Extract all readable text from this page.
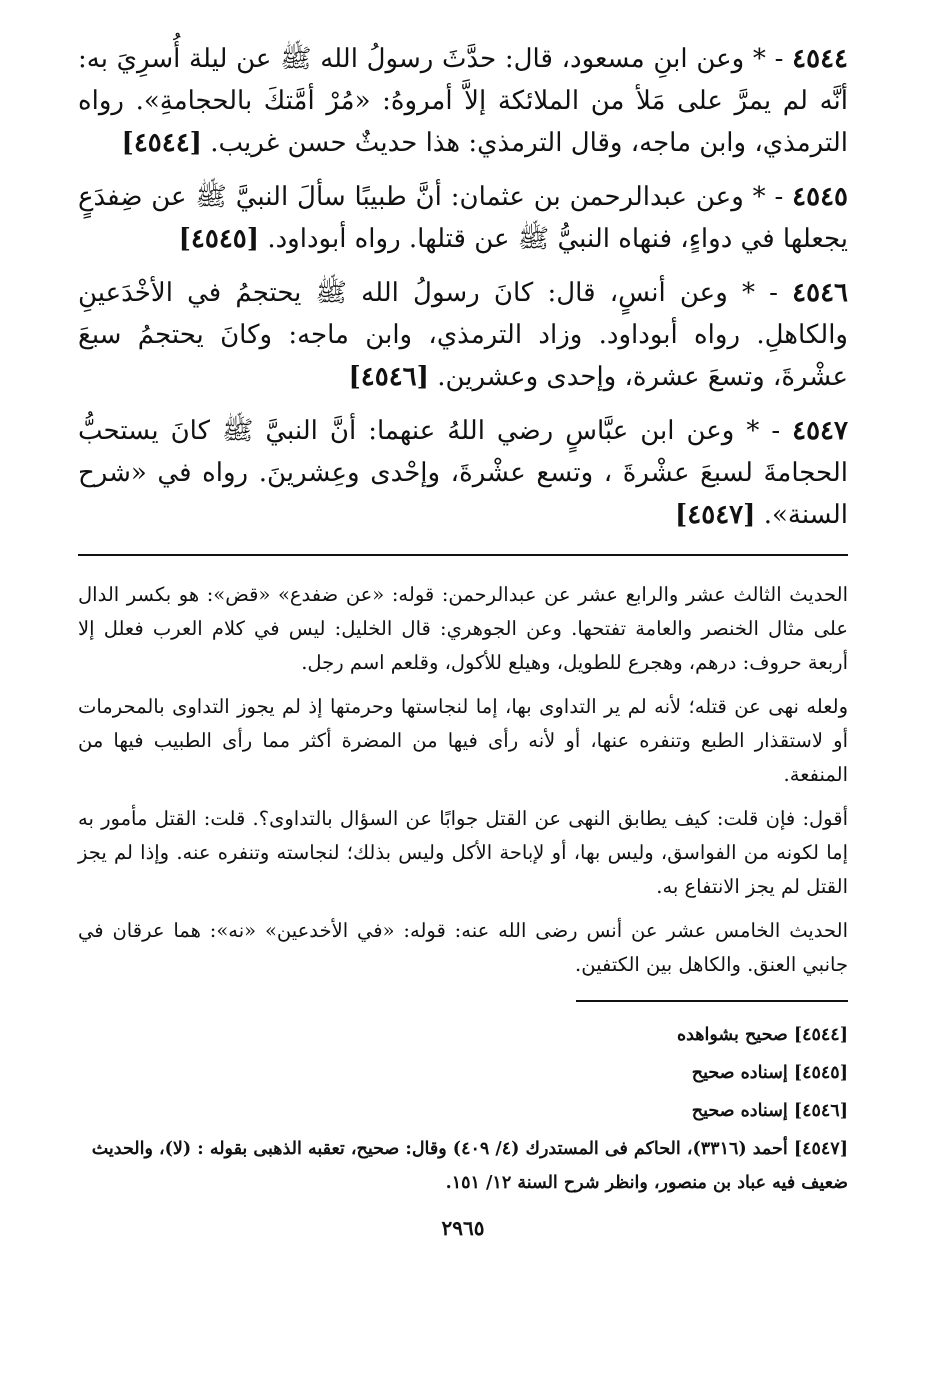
٤٥٤٤ - * وعن ابنِ مسعود، قال: حدَّثَ رسولُ الله ﷺ عن ليلة أُسرِيَ به: أنَّه لم يمرَّ على مَلأ من الملائكة إلاَّ أمروهُ: «مُرْ أمَّتكَ بالحجامةِ». رواه الترمذي، وابن ماجه، وقال الترمذي: هذا حديثٌ حسن غريب. [٤٥٤٤]

٤٥٤٥ - * وعن عبدالرحمن بن عثمان: أنَّ طبيبًا سألَ النبيَّ ﷺ عن ضِفدَعٍ يجعلها في دواءٍ، فنهاه النبيُّ ﷺ عن قتلها. رواه أبوداود. [٤٥٤٥]

٤٥٤٦ - * وعن أنسٍ، قال: كانَ رسولُ الله ﷺ يحتجمُ في الأخْدَعينِ والكاهلِ. رواه أبوداود. وزاد الترمذي، وابن ماجه: وكانَ يحتجمُ سبعَ عشْرةَ، وتسعَ عشرة، وإحدى وعشرين. [٤٥٤٦]

٤٥٤٧ - * وعن ابن عبَّاسٍ رضي اللهُ عنهما: أنَّ النبيَّ ﷺ كانَ يستحبُّ الحجامةَ لسبعَ عشْرةَ ، وتسع عشْرةَ، وإحْدى وعِشرينَ. رواه في «شرح السنة». [٤٥٤٧]

الحديث الثالث عشر والرابع عشر عن عبدالرحمن: قوله: «عن ضفدع» «قض»: هو بكسر الدال على مثال الخنصر والعامة تفتحها. وعن الجوهري: قال الخليل: ليس في كلام العرب فعلل إلا أربعة حروف: درهم، وهجرع للطويل، وهيلع للأكول، وقلعم اسم رجل.

ولعله نهى عن قتله؛ لأنه لم ير التداوى بها، إما لنجاستها وحرمتها إذ لم يجوز التداوى بالمحرمات أو لاستقذار الطبع وتنفره عنها، أو لأنه رأى فيها من المضرة أكثر مما رأى الطبيب فيها من المنفعة.

أقول: فإن قلت: كيف يطابق النهى عن القتل جوابًا عن السؤال بالتداوى؟. قلت: القتل مأمور به إما لكونه من الفواسق، وليس بها، أو لإباحة الأكل وليس بذلك؛ لنجاسته وتنفره عنه. وإذا لم يجز القتل لم يجز الانتفاع به.

الحديث الخامس عشر عن أنس رضى الله عنه: قوله: «في الأخدعين» «نه»: هما عرقان في جانبي العنق. والكاهل بين الكتفين.

[٤٥٤٤] صحيح بشواهده

[٤٥٤٥] إسناده صحيح

[٤٥٤٦] إسناده صحيح

[٤٥٤٧] أحمد (٣٣١٦)، الحاكم فى المستدرك (٤/ ٤٠٩) وقال: صحيح، تعقبه الذهبى بقوله : (لا)، والحديث ضعيف فيه عباد بن منصور، وانظر شرح السنة ١٢/ ١٥١.

٢٩٦٥
